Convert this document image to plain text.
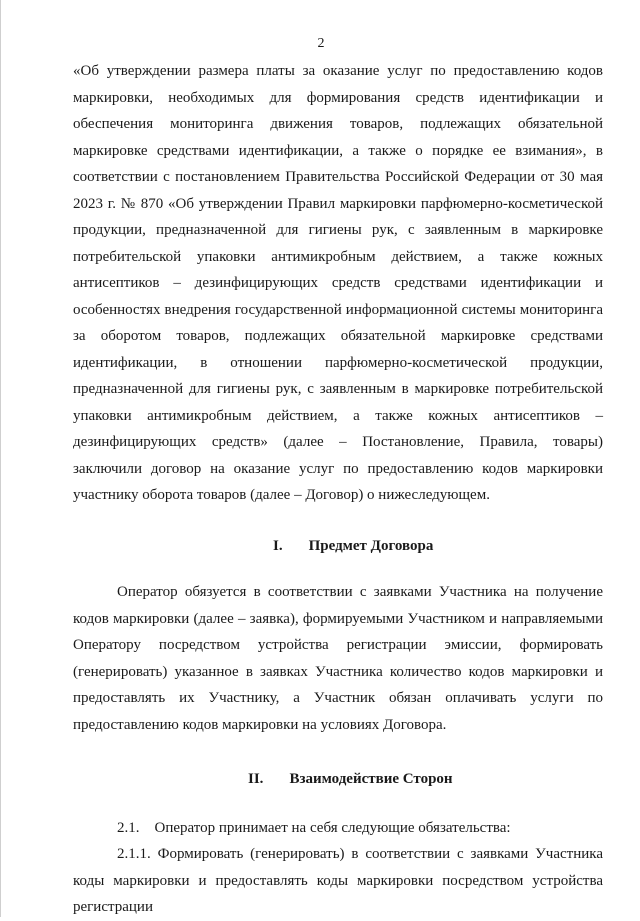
2

«Об утверждении размера платы за оказание услуг по предоставлению кодов маркировки, необходимых для формирования средств идентификации и обеспечения мониторинга движения товаров, подлежащих обязательной маркировке средствами идентификации, а также о порядке ее взимания», в соответствии с постановлением Правительства Российской Федерации от 30 мая 2023 г. № 870 «Об утверждении Правил маркировки парфюмерно-косметической продукции, предназначенной для гигиены рук, с заявленным в маркировке потребительской упаковки антимикробным действием, а также кожных антисептиков – дезинфицирующих средств средствами идентификации и особенностях внедрения государственной информационной системы мониторинга за оборотом товаров, подлежащих обязательной маркировке средствами идентификации, в отношении парфюмерно-косметической продукции, предназначенной для гигиены рук, с заявленным в маркировке потребительской упаковки антимикробным действием, а также кожных антисептиков – дезинфицирующих средств» (далее – Постановление, Правила, товары) заключили договор на оказание услуг по предоставлению кодов маркировки участнику оборота товаров (далее – Договор) о нижеследующем.

I. Предмет Договора

Оператор обязуется в соответствии с заявками Участника на получение кодов маркировки (далее – заявка), формируемыми Участником и направляемыми Оператору посредством устройства регистрации эмиссии, формировать (генерировать) указанное в заявках Участника количество кодов маркировки и предоставлять их Участнику, а Участник обязан оплачивать услуги по предоставлению кодов маркировки на условиях Договора.

II. Взаимодействие Сторон

2.1.    Оператор принимает на себя следующие обязательства:

2.1.1. Формировать (генерировать) в соответствии с заявками Участника коды маркировки и предоставлять коды маркировки посредством устройства регистрации
